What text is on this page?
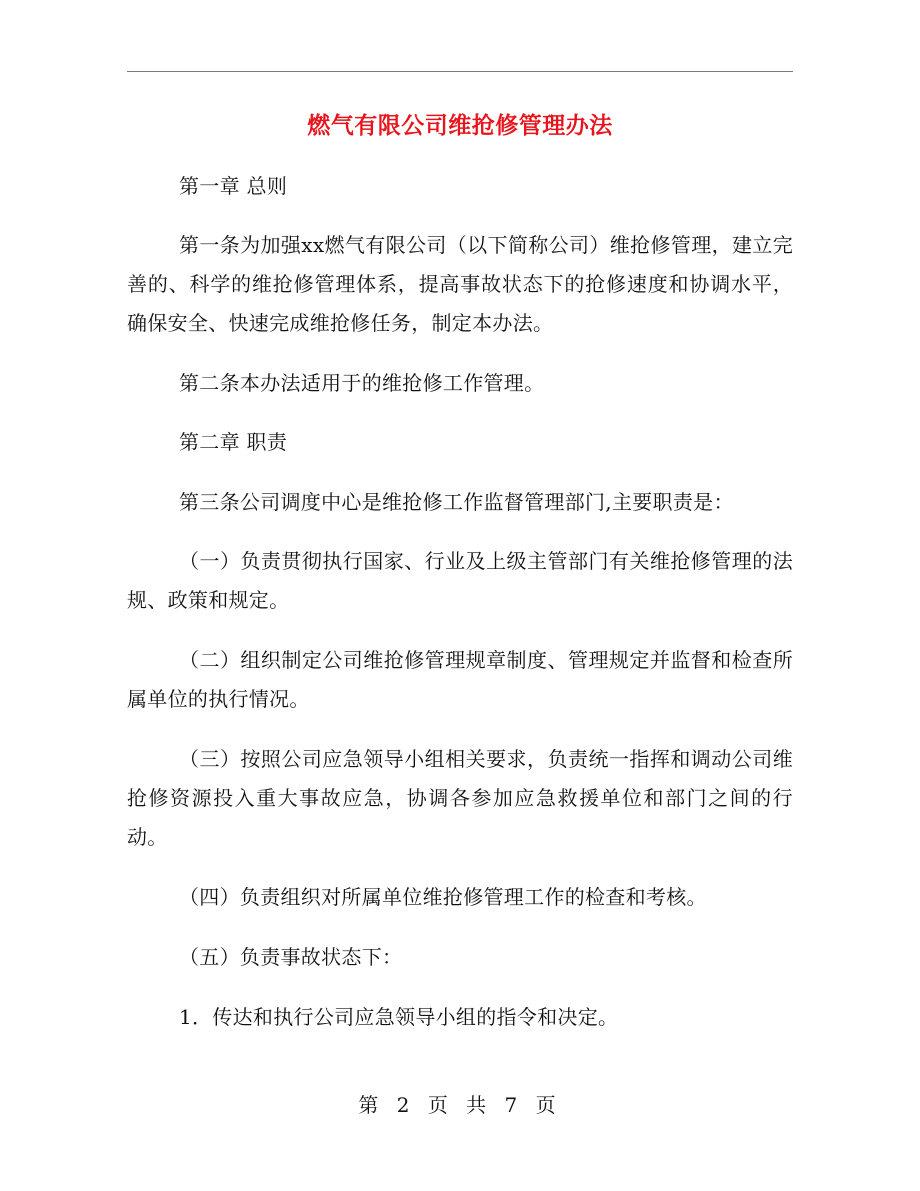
燃气有限公司维抢修管理办法
第一章 总则
第一条为加强xx燃气有限公司（以下简称公司）维抢修管理，建立完善的、科学的维抢修管理体系，提高事故状态下的抢修速度和协调水平，确保安全、快速完成维抢修任务，制定本办法。
第二条本办法适用于的维抢修工作管理。
第二章 职责
第三条公司调度中心是维抢修工作监督管理部门,主要职责是：
（一）负责贯彻执行国家、行业及上级主管部门有关维抢修管理的法规、政策和规定。
（二）组织制定公司维抢修管理规章制度、管理规定并监督和检查所属单位的执行情况。
（三）按照公司应急领导小组相关要求，负责统一指挥和调动公司维抢修资源投入重大事故应急，协调各参加应急救援单位和部门之间的行动。
（四）负责组织对所属单位维抢修管理工作的检查和考核。
（五）负责事故状态下：
1．传达和执行公司应急领导小组的指令和决定。
第 2 页 共 7 页
